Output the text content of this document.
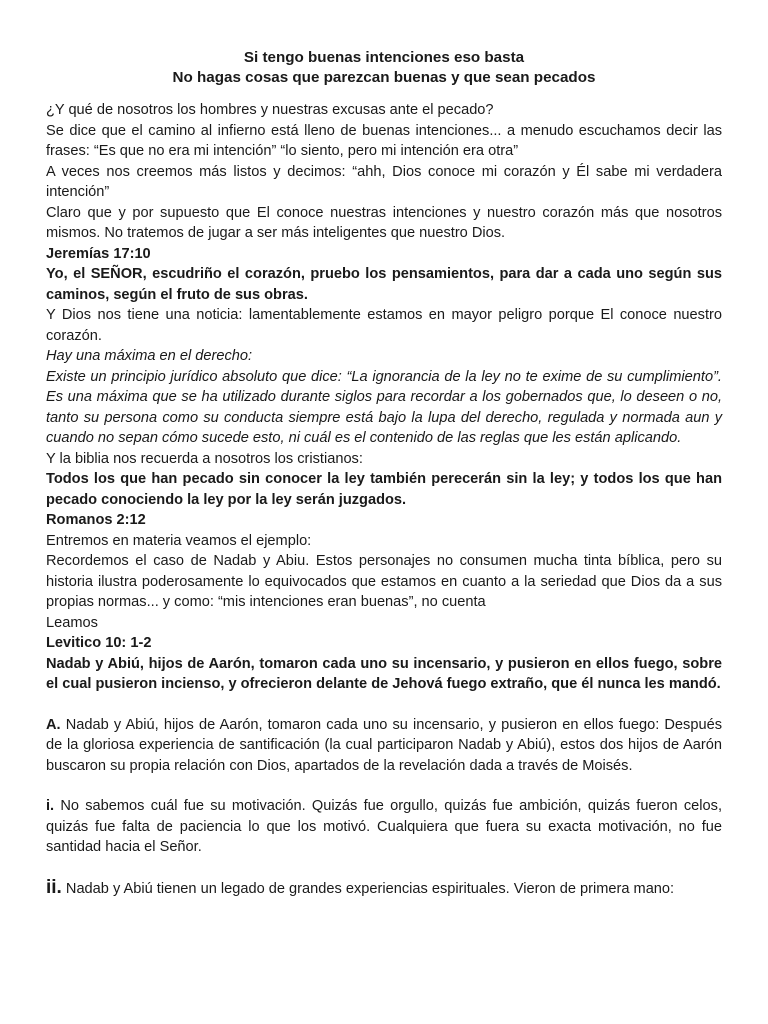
Si tengo buenas intenciones eso basta

No hagas cosas que parezcan buenas y que sean pecados

¿Y qué de nosotros los hombres y nuestras excusas ante el pecado?

Se dice que el camino al infierno está lleno de buenas intenciones... a menudo escuchamos decir las frases: “Es que no era mi intención” “lo siento, pero mi intención era otra”

A veces nos creemos más listos y decimos: “ahh, Dios conoce mi corazón y Él sabe mi verdadera intención”

Claro que y por supuesto que El conoce nuestras intenciones y nuestro corazón más que nosotros mismos. No tratemos de jugar a ser más inteligentes que nuestro Dios.

Jeremías 17:10

Yo, el SEÑOR, escudriño el corazón, pruebo los pensamientos, para dar a cada uno según sus caminos, según el fruto de sus obras.

Y Dios nos tiene una noticia: lamentablemente estamos en mayor peligro porque El conoce nuestro corazón.

Hay una máxima en el derecho:

Existe un principio jurídico absoluto que dice: “La ignorancia de la ley no te exime de su cumplimiento”. Es una máxima que se ha utilizado durante siglos para recordar a los gobernados que, lo deseen o no, tanto su persona como su conducta siempre está bajo la lupa del derecho, regulada y normada aun y cuando no sepan cómo sucede esto, ni cuál es el contenido de las reglas que les están aplicando.

Y la biblia nos recuerda a nosotros los cristianos:

Todos los que han pecado sin conocer la ley también perecerán sin la ley; y todos los que han pecado conociendo la ley por la ley serán juzgados.

Romanos 2:12

Entremos en materia veamos el ejemplo:

Recordemos el caso de Nadab y Abiu. Estos personajes no consumen mucha tinta bíblica, pero su historia ilustra poderosamente lo equivocados que estamos en cuanto a la seriedad que Dios da a sus propias normas... y como: “mis intenciones eran buenas”, no cuenta

Leamos

Levitico 10: 1-2

Nadab y Abiú, hijos de Aarón, tomaron cada uno su incensario, y pusieron en ellos fuego, sobre el cual pusieron incienso, y ofrecieron delante de Jehová fuego extraño, que él nunca les mandó.

A. Nadab y Abiú, hijos de Aarón, tomaron cada uno su incensario, y pusieron en ellos fuego: Después de la gloriosa experiencia de santificación (la cual participaron Nadab y Abiú), estos dos hijos de Aarón buscaron su propia relación con Dios, apartados de la revelación dada a través de Moisés.

i. No sabemos cuál fue su motivación. Quizás fue orgullo, quizás fue ambición, quizás fueron celos, quizás fue falta de paciencia lo que los motivó. Cualquiera que fuera su exacta motivación, no fue santidad hacia el Señor.

ii. Nadab y Abiú tienen un legado de grandes experiencias espirituales. Vieron de primera mano:
